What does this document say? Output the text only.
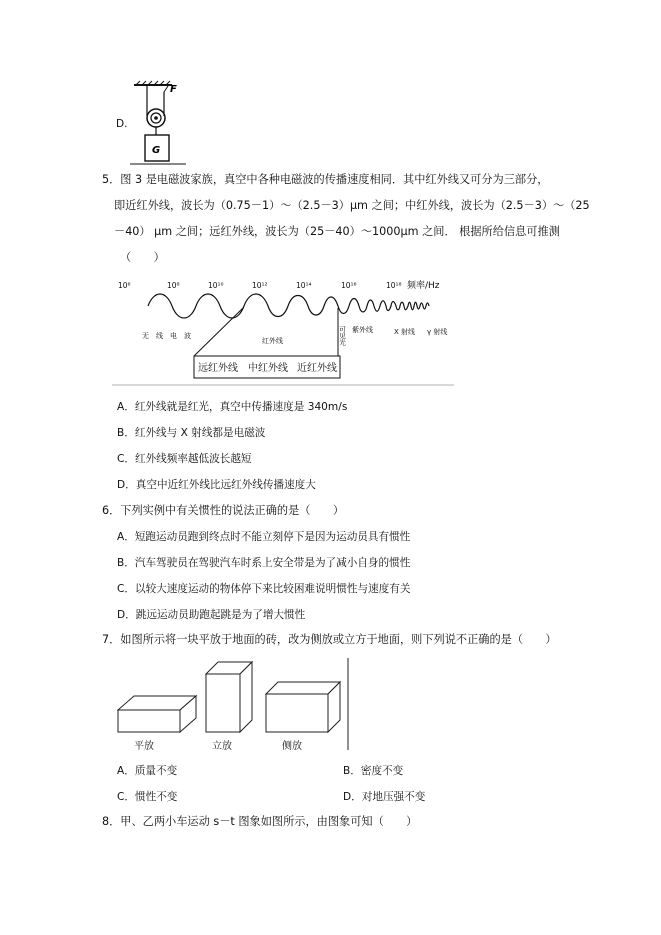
D.
F
G
5．图 3 是电磁波家族，真空中各种电磁波的传播速度相同．其中红外线又可分为三部分，
即近红外线，波长为（0.75－1）～（2.5－3）μm 之间；中红外线，波长为（2.5－3）～（25
－40） μm 之间；远红外线，波长为（25－40）～1000μm 之间． 根据所给信息可推测
（　　）
10⁶	10⁸	10¹⁰	10¹²	10¹⁴	10¹⁶	10¹⁸ 频率/Hz
无　线　电　波
红外线
X 射线 γ 射线
紫外线
可见光
远红外线 中红外线 近红外线
A．红外线就是红光，真空中传播速度是 340m/s
B．红外线与 X 射线都是电磁波
C．红外线频率越低波长越短
D．真空中近红外线比远红外线传播速度大
6．下列实例中有关惯性的说法正确的是（　　）
A．短跑运动员跑到终点时不能立刻停下是因为运动员具有惯性
B．汽车驾驶员在驾驶汽车时系上安全带是为了减小自身的惯性
C．以较大速度运动的物体停下来比较困难说明惯性与速度有关
D．跳远运动员助跑起跳是为了增大惯性
7．如图所示将一块平放于地面的砖，改为侧放或立方于地面，则下列说不正确的是（　　）
平放	立放	侧放
A．质量不变	B．密度不变
C．惯性不变	D．对地压强不变
8．甲、乙两小车运动 s－t 图象如图所示，由图象可知（　　）
